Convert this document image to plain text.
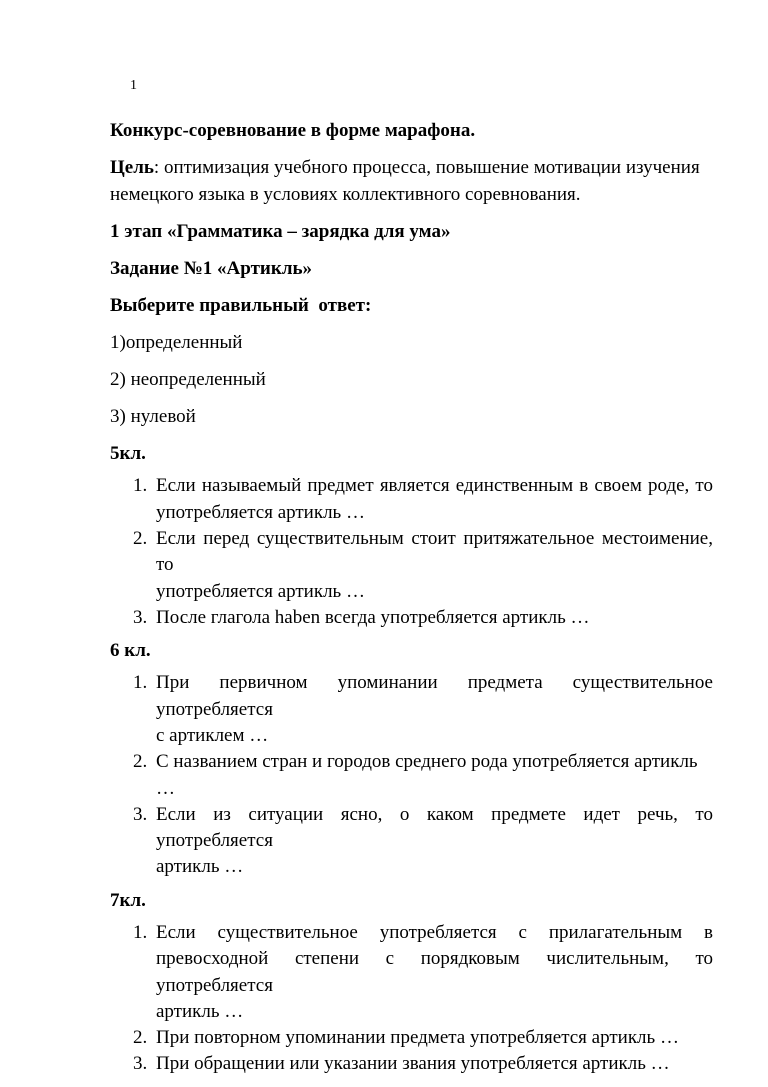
1
Конкурс-соревнование в форме марафона.
Цель: оптимизация учебного процесса, повышение мотивации изучения
немецкого языка в условиях коллективного соревнования.
1 этап «Грамматика – зарядка для ума»
Задание №1 «Артикль»
Выберите правильный  ответ:
1)определенный
2) неопределенный
3) нулевой
5кл.
1. Если называемый предмет является единственным в своем роде, то
употребляется артикль …
2. Если перед существительным стоит притяжательное местоимение, то
употребляется артикль …
3. После глагола haben всегда употребляется артикль …
6 кл.
1. При первичном упоминании предмета существительное употребляется
с артиклем …
2. С названием стран и городов среднего рода употребляется артикль …
3. Если из ситуации ясно, о каком предмете идет речь, то употребляется
артикль …
7кл.
1. Если существительное употребляется с прилагательным в
превосходной степени с порядковым числительным, то употребляется
артикль …
2. При повторном упоминании предмета употребляется артикль …
3. При обращении или указании звания употребляется артикль …
